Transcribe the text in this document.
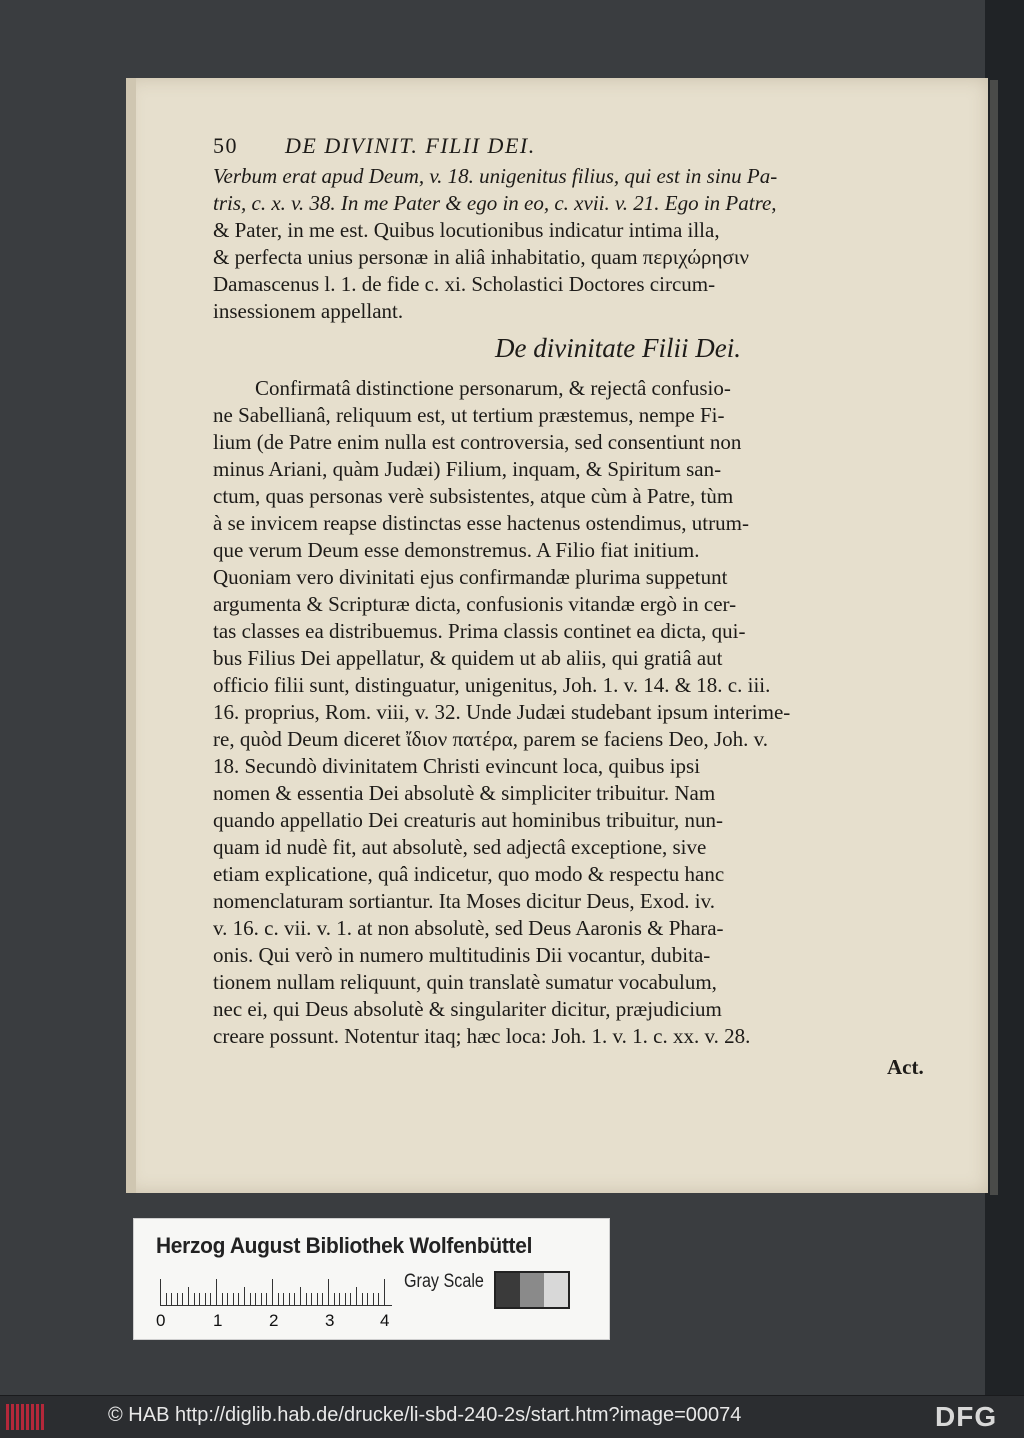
50 DE DIVINIT. FILII DEI.
Verbum erat apud Deum, v. 18. unigenitus filius, qui est in sinu Pa-
tris, c. x. v. 38. In me Pater & ego in eo, c. xvii. v. 21. Ego in Patre,
& Pater, in me est. Quibus locutionibus indicatur intima illa,
& perfecta unius personæ in aliâ inhabitatio, quam περιχώρησιν
Damascenus l. 1. de fide c. xi. Scholastici Doctores circum-
insessionem appellant.
De divinitate Filii Dei.
Confirmatâ distinctione personarum, & rejectâ confusio-
ne Sabellianâ, reliquum est, ut tertium præstemus, nempe Fi-
lium (de Patre enim nulla est controversia, sed consentiunt non
minus Ariani, quàm Judæi) Filium, inquam, & Spiritum san-
ctum, quas personas verè subsistentes, atque cùm à Patre, tùm
à se invicem reapse distinctas esse hactenus ostendimus, utrum-
que verum Deum esse demonstremus. A Filio fiat initium.
Quoniam vero divinitati ejus confirmandæ plurima suppetunt
argumenta & Scripturæ dicta, confusionis vitandæ ergò in cer-
tas classes ea distribuemus. Prima classis continet ea dicta, qui-
bus Filius Dei appellatur, & quidem ut ab aliis, qui gratiâ aut
officio filii sunt, distinguatur, unigenitus, Joh. 1. v. 14. & 18. c. iii.
16. proprius, Rom. viii, v. 32. Unde Judæi studebant ipsum interime-
re, quòd Deum diceret ἴδιον πατέρα, parem se faciens Deo, Joh. v.
18. Secundò divinitatem Christi evincunt loca, quibus ipsi
nomen & essentia Dei absolutè & simpliciter tribuitur. Nam
quando appellatio Dei creaturis aut hominibus tribuitur, nun-
quam id nudè fit, aut absolutè, sed adjectâ exceptione, sive
etiam explicatione, quâ indicetur, quo modo & respectu hanc
nomenclaturam sortiantur. Ita Moses dicitur Deus, Exod. iv.
v. 16. c. vii. v. 1. at non absolutè, sed Deus Aaronis & Phara-
onis. Qui verò in numero multitudinis Dii vocantur, dubita-
tionem nullam reliquunt, quin translatè sumatur vocabulum,
nec ei, qui Deus absolutè & singulariter dicitur, præjudicium
creare possunt. Notentur itaq; hæc loca: Joh. 1. v. 1. c. xx. v. 28.
Act.
Herzog August Bibliothek Wolfenbüttel
0	1	2	3	4
Gray Scale
© HAB http://diglib.hab.de/drucke/li-sbd-240-2s/start.htm?image=00074	DFG
